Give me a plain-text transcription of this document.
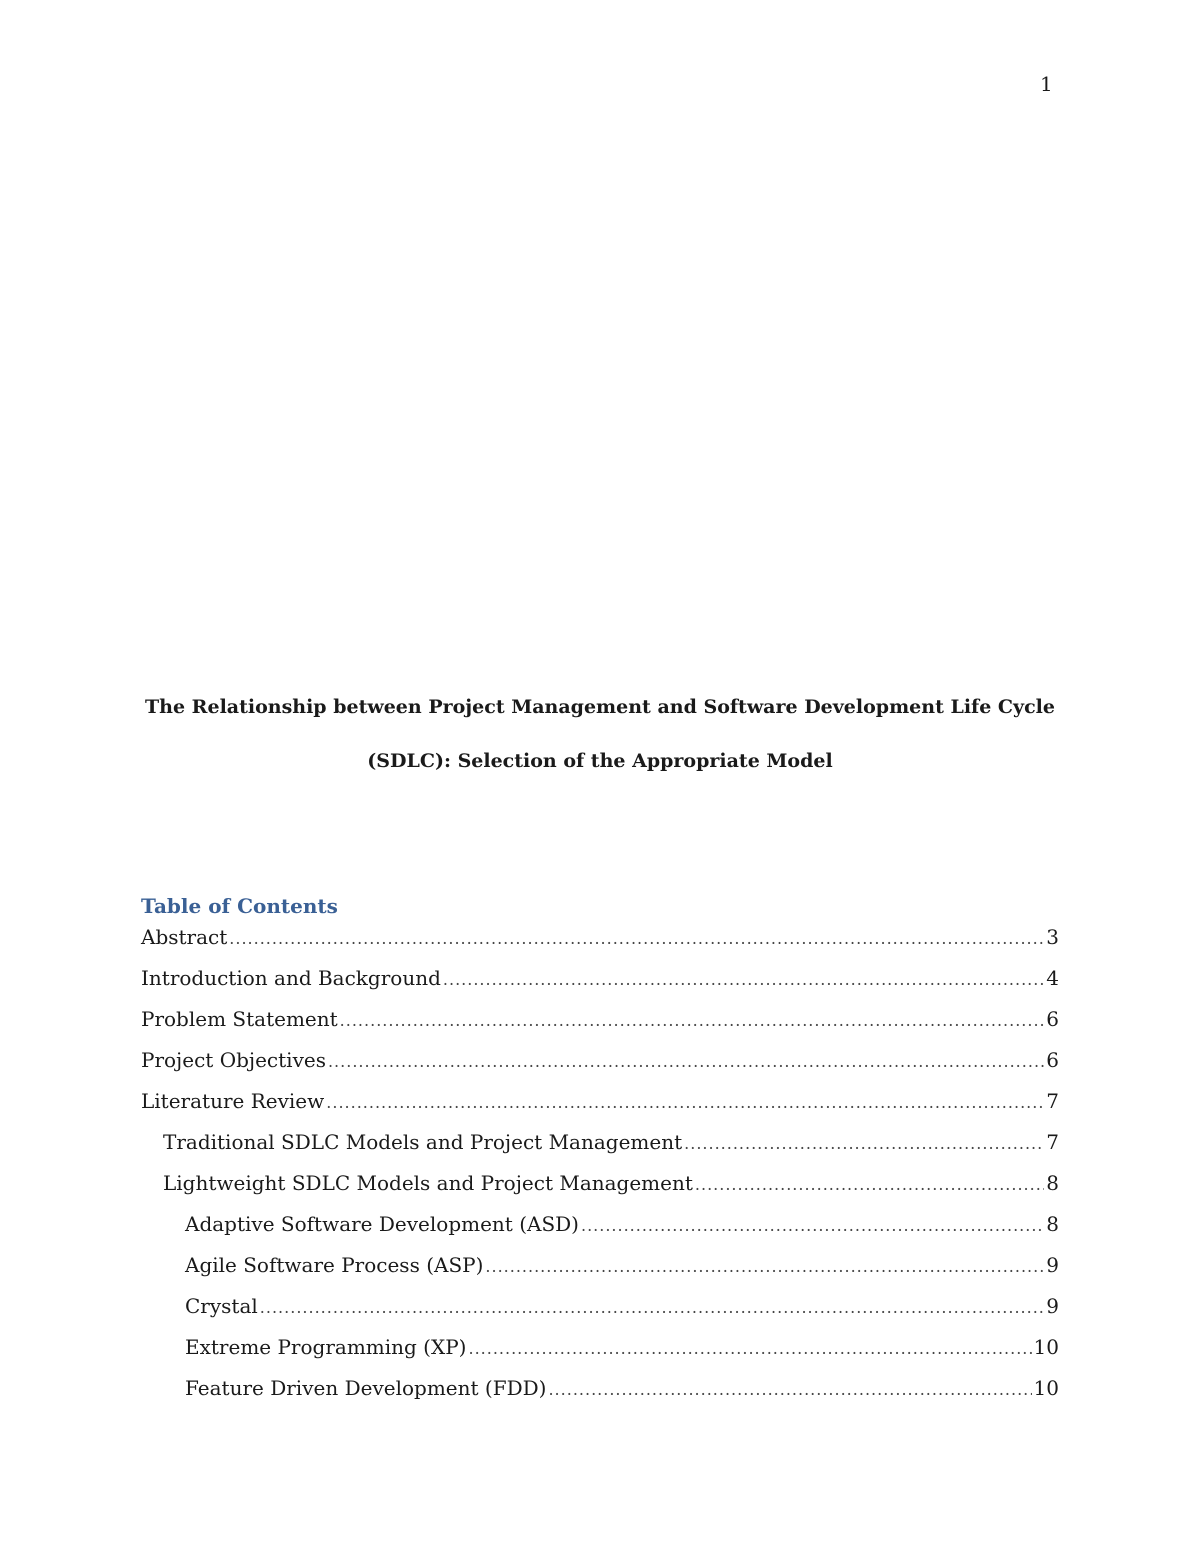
1
The Relationship between Project Management and Software Development Life Cycle
(SDLC): Selection of the Appropriate Model
Table of Contents
Abstract .....	3
Introduction and Background .....	4
Problem Statement .....	6
Project Objectives .....	6
Literature Review .....	7
Traditional SDLC Models and Project Management .....	7
Lightweight SDLC Models and Project Management .....	8
Adaptive Software Development (ASD) .....	8
Agile Software Process (ASP) .....	9
Crystal .....	9
Extreme Programming (XP) .....	10
Feature Driven Development (FDD) .....	10
